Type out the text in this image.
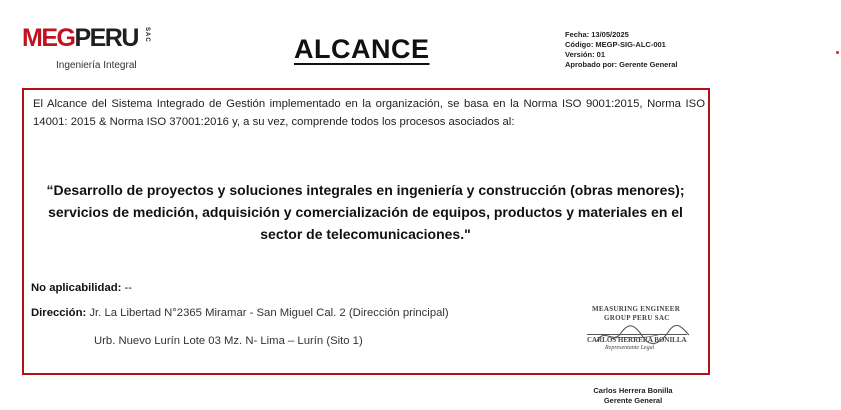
MEGPERU SAC
Ingeniería Integral
ALCANCE	Fecha: 13/05/2025
Código: MEGP-SIG-ALC-001
Versión: 01
Aprobado por: Gerente General

El Alcance del Sistema Integrado de Gestión implementado en la organización, se basa en la Norma ISO 9001:2015, Norma ISO 14001: 2015 & Norma ISO 37001:2016 y, a su vez, comprende todos los procesos asociados al:

“Desarrollo de proyectos y soluciones integrales en ingeniería y construcción (obras menores); servicios de medición, adquisición y comercialización de equipos, productos y materiales en el sector de telecomunicaciones."

No aplicabilidad: --
Dirección: Jr. La Libertad N°2365 Miramar - San Miguel Cal. 2 (Dirección principal)
Urb. Nuevo Lurín Lote 03 Mz. N- Lima – Lurín (Sito 1)
MEASURING ENGINEER
GROUP PERU SAC
CARLOS HERRERA BONILLA
Representante Legal
Carlos Herrera Bonilla
Gerente General
